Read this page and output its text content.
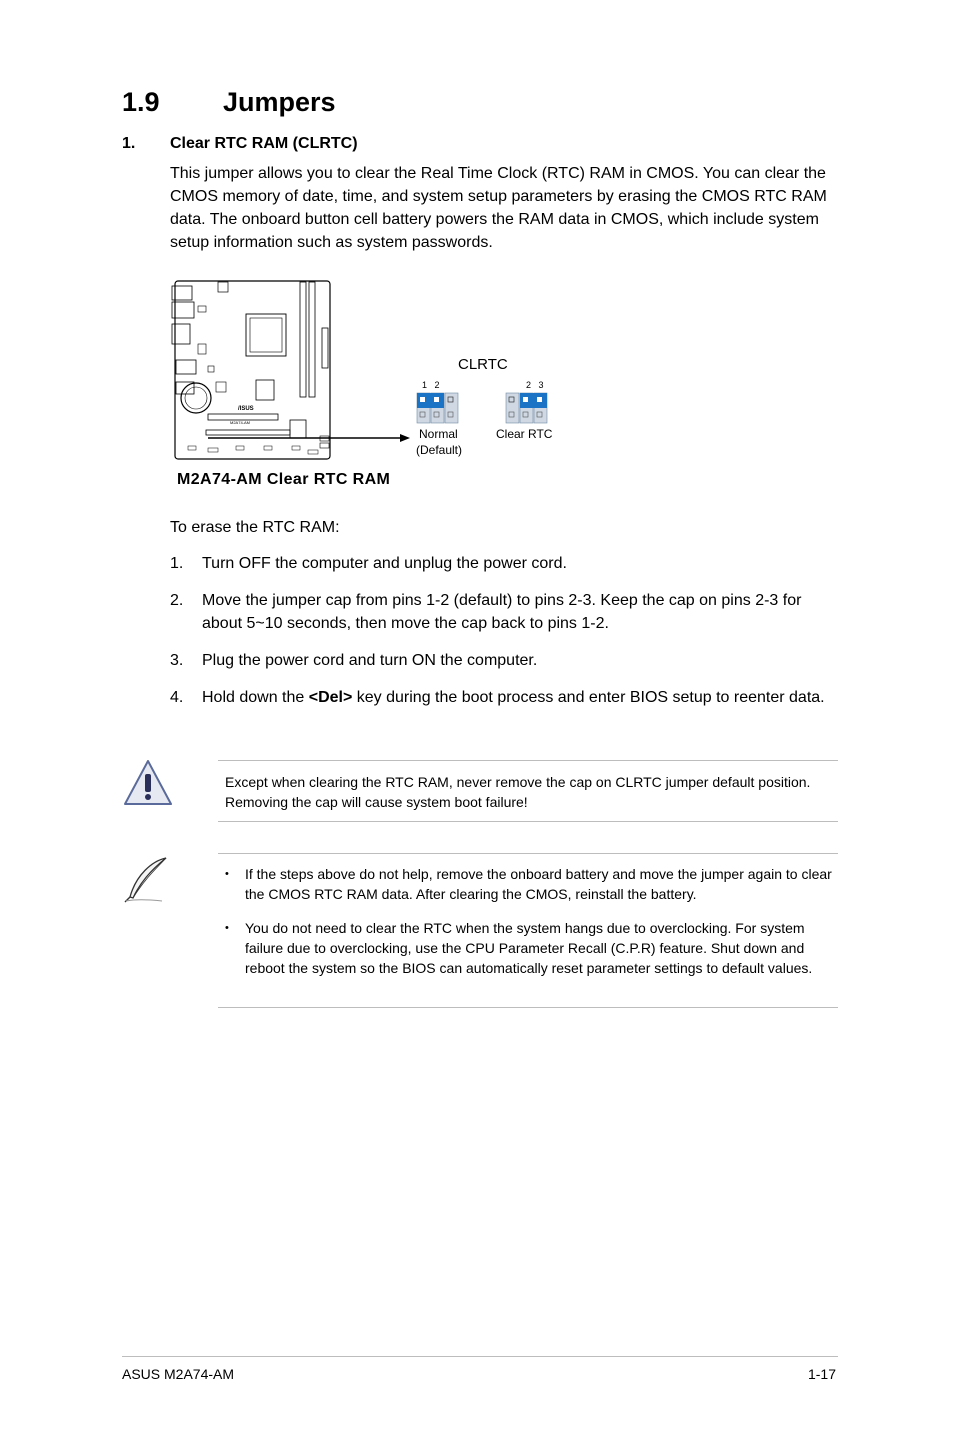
1.9 Jumpers
1. Clear RTC RAM (CLRTC)
This jumper allows you to clear the Real Time Clock (RTC) RAM in CMOS. You can clear the CMOS memory of date, time, and system setup parameters by erasing the CMOS RTC RAM data. The onboard button cell battery powers the RAM data in CMOS, which include system setup information such as system passwords.
/ISUS
M2A74-AM
CLRTC
1   2
Normal
(Default)
2   3
Clear RTC
M2A74-AM Clear RTC RAM
To erase the RTC RAM:
1. Turn OFF the computer and unplug the power cord.
2. Move the jumper cap from pins 1-2 (default) to pins 2-3. Keep the cap on pins 2-3 for about 5~10 seconds, then move the cap back to pins 1-2.
3. Plug the power cord and turn ON the computer.
4. Hold down the <Del> key during the boot process and enter BIOS setup to reenter data.
Except when clearing the RTC RAM, never remove the cap on CLRTC jumper default position. Removing the cap will cause system boot failure!
• If the steps above do not help, remove the onboard battery and move the jumper again to clear the CMOS RTC RAM data. After clearing the CMOS, reinstall the battery.
• You do not need to clear the RTC when the system hangs due to overclocking. For system failure due to overclocking, use the CPU Parameter Recall (C.P.R) feature. Shut down and reboot the system so the BIOS can automatically reset parameter settings to default values.
ASUS M2A74-AM	1-17
